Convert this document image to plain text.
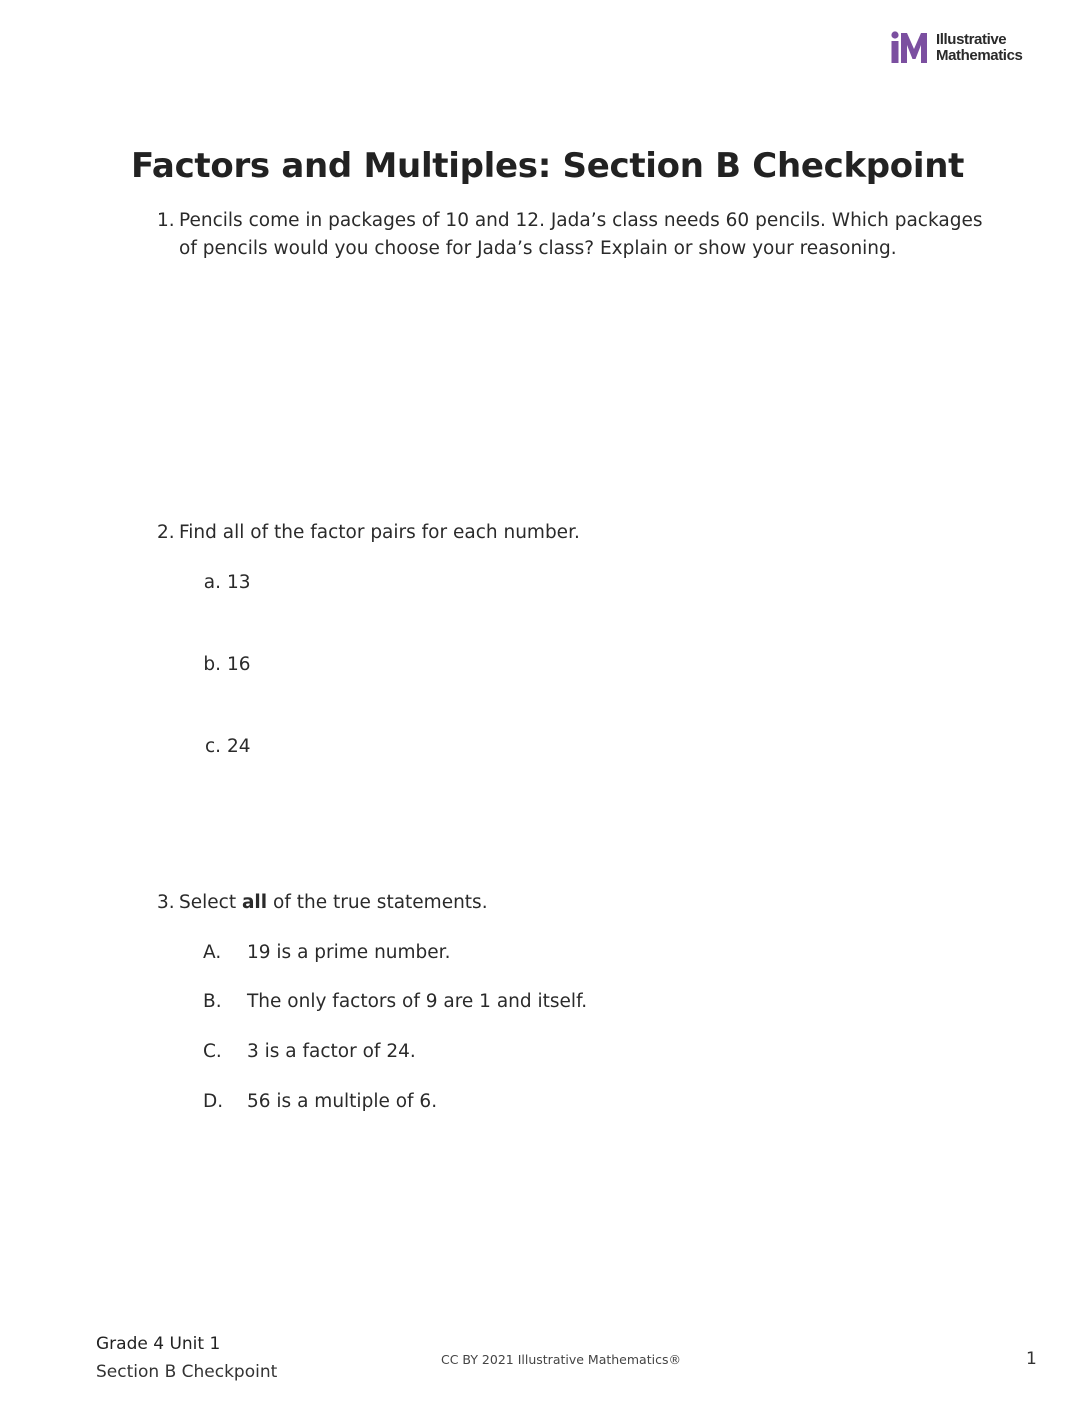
Illustrative
Mathematics
Factors and Multiples: Section B Checkpoint
1. Pencils come in packages of 10 and 12. Jada’s class needs 60 pencils. Which packages of pencils would you choose for Jada’s class? Explain or show your reasoning.
2. Find all of the factor pairs for each number.
a. 13
b. 16
c. 24
3. Select all of the true statements.
A. 19 is a prime number.
B. The only factors of 9 are 1 and itself.
C. 3 is a factor of 24.
D. 56 is a multiple of 6.
Grade 4 Unit 1
Section B Checkpoint
CC BY 2021 Illustrative Mathematics®	1
